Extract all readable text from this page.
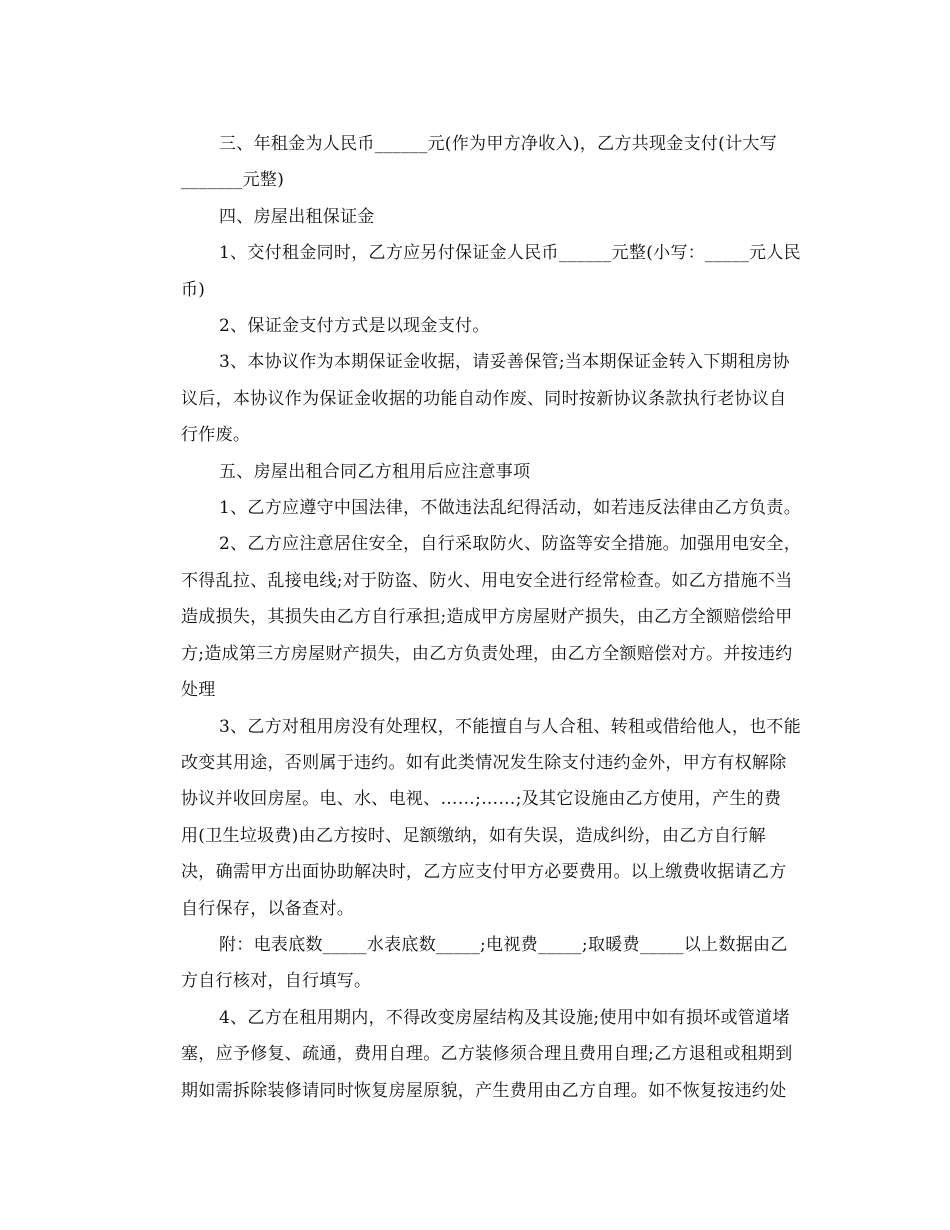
三、年租金为人民币______元(作为甲方净收入)，乙方共现金支付(计大写
_______元整)

四、房屋出租保证金

1、交付租金同时，乙方应另付保证金人民币______元整(小写：_____元人民
币)

2、保证金支付方式是以现金支付。

3、本协议作为本期保证金收据，请妥善保管;当本期保证金转入下期租房协
议后，本协议作为保证金收据的功能自动作废、同时按新协议条款执行老协议自
行作废。

五、房屋出租合同乙方租用后应注意事项

1、乙方应遵守中国法律，不做违法乱纪得活动，如若违反法律由乙方负责。

2、乙方应注意居住安全，自行采取防火、防盗等安全措施。加强用电安全，
不得乱拉、乱接电线;对于防盗、防火、用电安全进行经常检查。如乙方措施不当
造成损失，其损失由乙方自行承担;造成甲方房屋财产损失，由乙方全额赔偿给甲
方;造成第三方房屋财产损失，由乙方负责处理，由乙方全额赔偿对方。并按违约
处理

3、乙方对租用房没有处理权，不能擅自与人合租、转租或借给他人，也不能
改变其用途，否则属于违约。如有此类情况发生除支付违约金外，甲方有权解除
协议并收回房屋。电、水、电视、……;……;及其它设施由乙方使用，产生的费
用(卫生垃圾费)由乙方按时、足额缴纳，如有失误，造成纠纷，由乙方自行解
决，确需甲方出面协助解决时，乙方应支付甲方必要费用。以上缴费收据请乙方
自行保存，以备查对。

附：电表底数_____水表底数_____;电视费_____;取暖费_____以上数据由乙
方自行核对，自行填写。

4、乙方在租用期内，不得改变房屋结构及其设施;使用中如有损坏或管道堵
塞，应予修复、疏通，费用自理。乙方装修须合理且费用自理;乙方退租或租期到
期如需拆除装修请同时恢复房屋原貌，产生费用由乙方自理。如不恢复按违约处
